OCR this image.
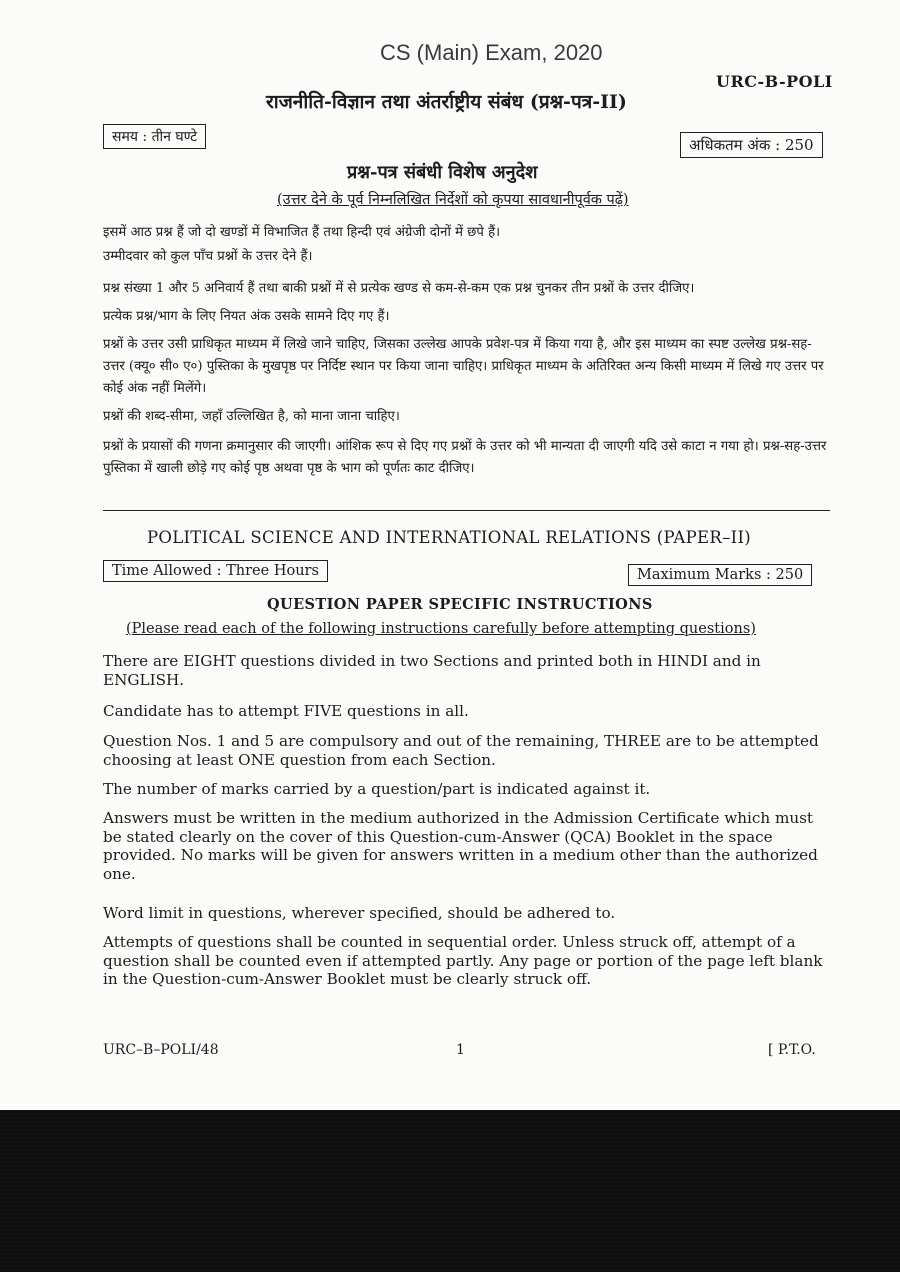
CS (Main) Exam, 2020
URC-B-POLI
राजनीति-विज्ञान तथा अंतर्राष्ट्रीय संबंध (प्रश्न-पत्र-II)
समय : तीन घण्टे	अधिकतम अंक : 250
प्रश्न-पत्र संबंधी विशेष अनुदेश
(उत्तर देने के पूर्व निम्नलिखित निर्देशों को कृपया सावधानीपूर्वक पढ़ें)
इसमें आठ प्रश्न हैं जो दो खण्डों में विभाजित हैं तथा हिन्दी एवं अंग्रेजी दोनों में छपे हैं।
उम्मीदवार को कुल पाँच प्रश्नों के उत्तर देने हैं।
प्रश्न संख्या 1 और 5 अनिवार्य हैं तथा बाकी प्रश्नों में से प्रत्येक खण्ड से कम-से-कम एक प्रश्न चुनकर तीन प्रश्नों के उत्तर दीजिए।
प्रत्येक प्रश्न/भाग के लिए नियत अंक उसके सामने दिए गए हैं।
प्रश्नों के उत्तर उसी प्राधिकृत माध्यम में लिखे जाने चाहिए, जिसका उल्लेख आपके प्रवेश-पत्र में किया गया है, और इस माध्यम का स्पष्ट उल्लेख प्रश्न-सह-उत्तर (क्यू० सी० ए०) पुस्तिका के मुखपृष्ठ पर निर्दिष्ट स्थान पर किया जाना चाहिए। प्राधिकृत माध्यम के अतिरिक्त अन्य किसी माध्यम में लिखे गए उत्तर पर कोई अंक नहीं मिलेंगे।
प्रश्नों की शब्द-सीमा, जहाँ उल्लिखित है, को माना जाना चाहिए।
प्रश्नों के प्रयासों की गणना क्रमानुसार की जाएगी। आंशिक रूप से दिए गए प्रश्नों के उत्तर को भी मान्यता दी जाएगी यदि उसे काटा न गया हो। प्रश्न-सह-उत्तर पुस्तिका में खाली छोड़े गए कोई पृष्ठ अथवा पृष्ठ के भाग को पूर्णतः काट दीजिए।
POLITICAL SCIENCE AND INTERNATIONAL RELATIONS (PAPER–II)
Time Allowed : Three Hours	Maximum Marks : 250
QUESTION PAPER SPECIFIC INSTRUCTIONS
(Please read each of the following instructions carefully before attempting questions)
There are EIGHT questions divided in two Sections and printed both in HINDI and in ENGLISH.
Candidate has to attempt FIVE questions in all.
Question Nos. 1 and 5 are compulsory and out of the remaining, THREE are to be attempted choosing at least ONE question from each Section.
The number of marks carried by a question/part is indicated against it.
Answers must be written in the medium authorized in the Admission Certificate which must be stated clearly on the cover of this Question-cum-Answer (QCA) Booklet in the space provided. No marks will be given for answers written in a medium other than the authorized one.
Word limit in questions, wherever specified, should be adhered to.
Attempts of questions shall be counted in sequential order. Unless struck off, attempt of a question shall be counted even if attempted partly. Any page or portion of the page left blank in the Question-cum-Answer Booklet must be clearly struck off.
URC–B–POLI/48	1	[ P.T.O.
